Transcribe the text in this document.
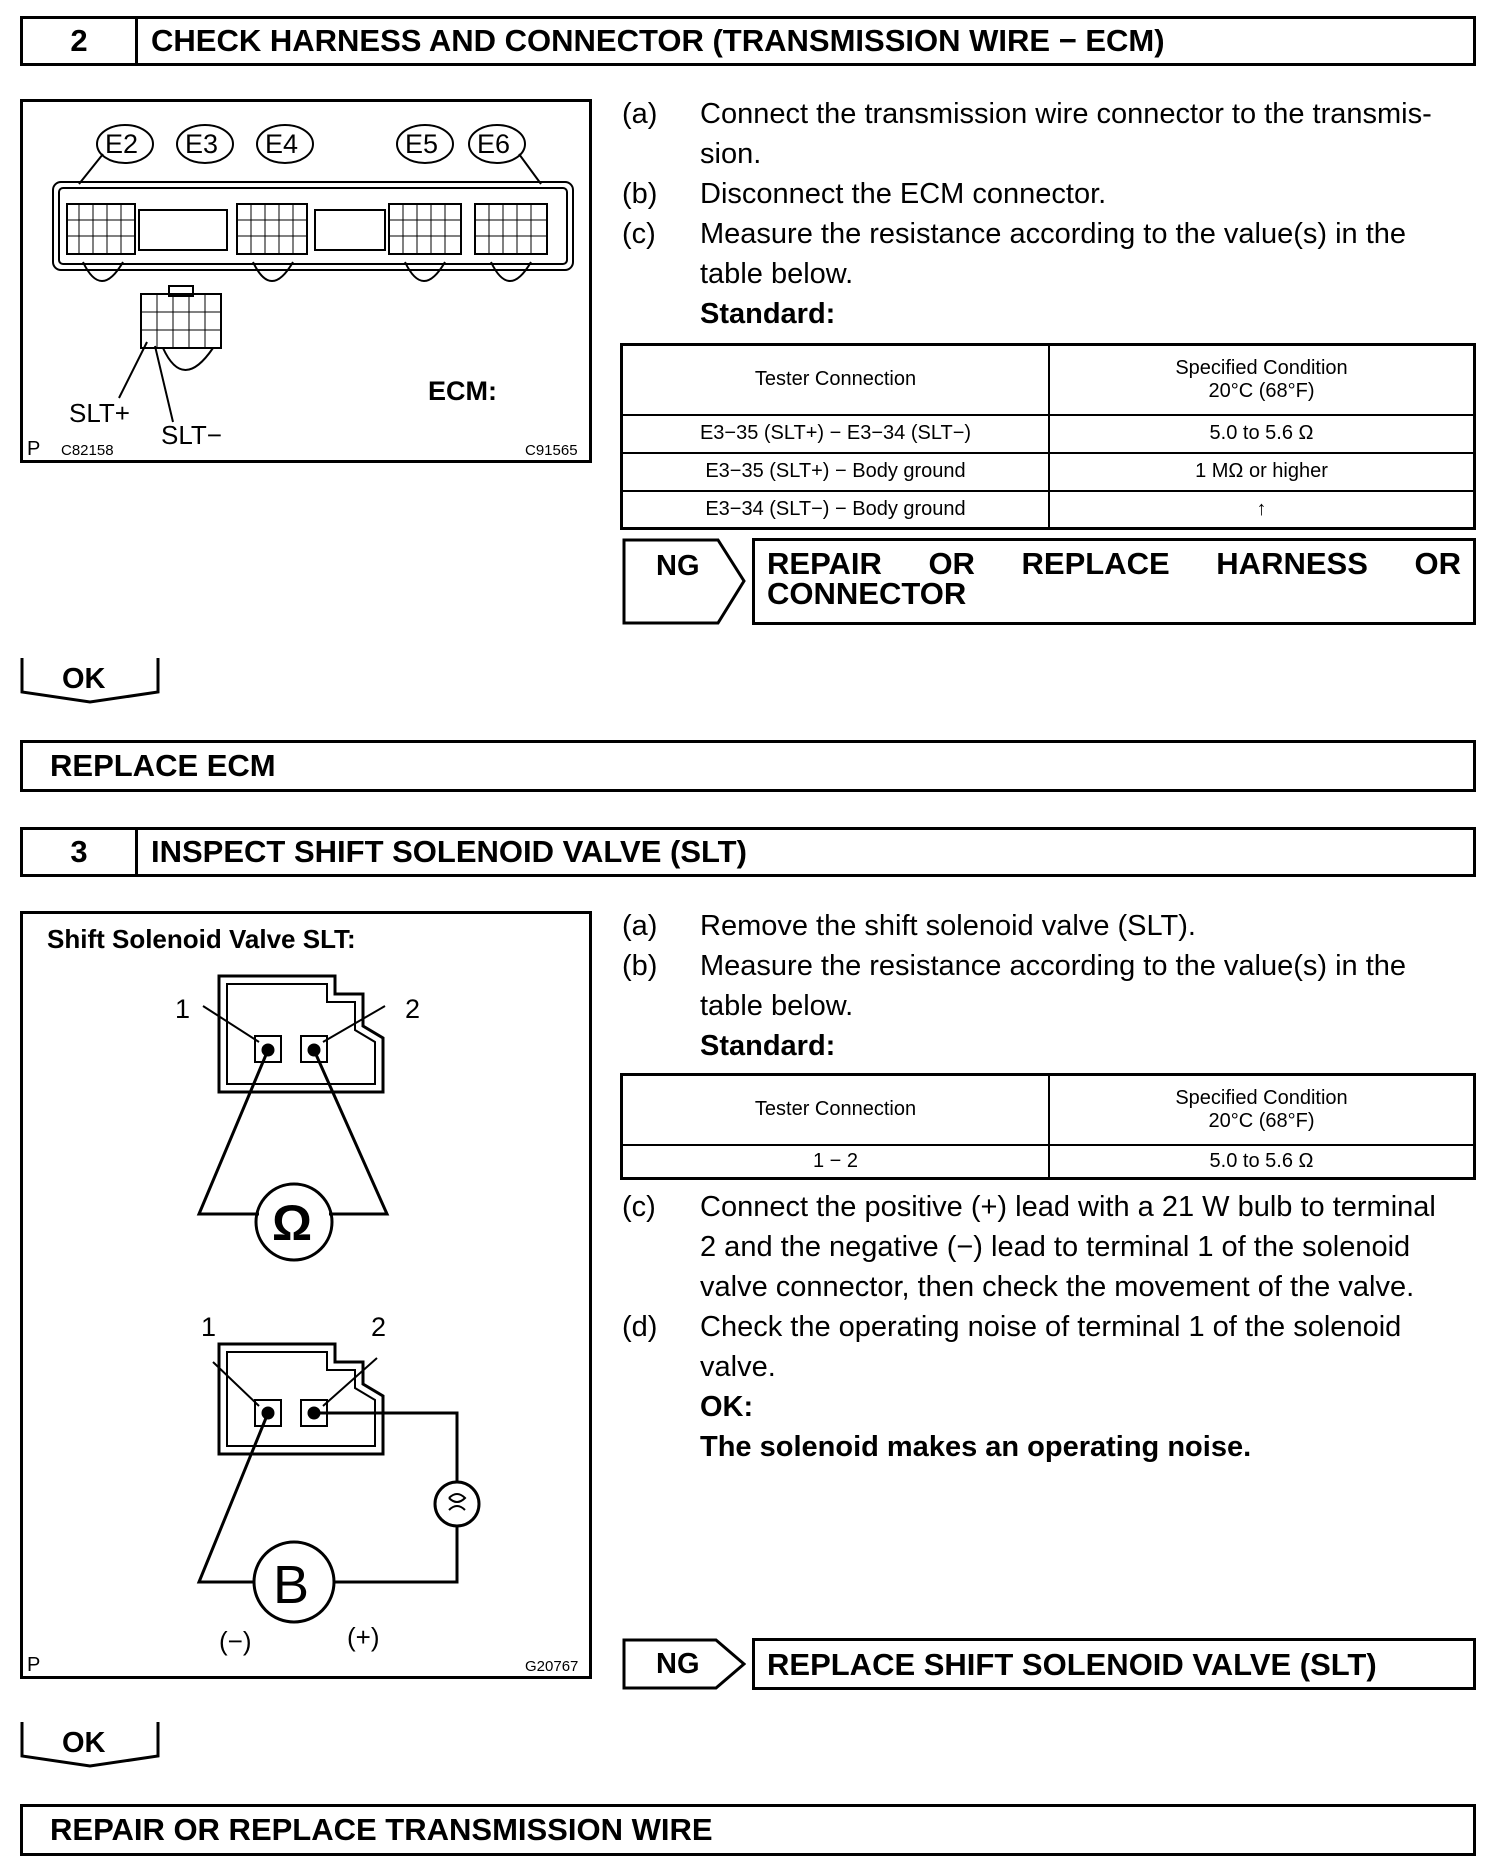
2	CHECK HARNESS AND CONNECTOR (TRANSMISSION WIRE − ECM)
E2 E3 E4	E5 E6
SLT+
SLT−
ECM:
P C82158	C91565
(a)	Connect the transmission wire connector to the transmis-
sion.
(b)	Disconnect the ECM connector.
(c)	Measure the resistance according to the value(s) in the
table below.
Standard:
Tester Connection	Specified Condition
20°C (68°F)

E3−35 (SLT+) − E3−34 (SLT−)	5.0 to 5.6 Ω
E3−35 (SLT+) − Body ground	1 MΩ or higher
E3−34 (SLT−) − Body ground	↑
NG REPAIR OR REPLACE HARNESS OR
CONNECTOR
OK
REPLACE ECM
3	INSPECT SHIFT SOLENOID VALVE (SLT)
Shift Solenoid Valve SLT:
1	2
Ω
1	2
B
(−)	(+)
P	G20767
(a)	Remove the shift solenoid valve (SLT).
(b)	Measure the resistance according to the value(s) in the
table below.
Standard:
Tester Connection	Specified Condition
20°C (68°F)

1 − 2	5.0 to 5.6 Ω
(c)	Connect the positive (+) lead with a 21 W bulb to terminal
2 and the negative (−) lead to terminal 1 of the solenoid
valve connector, then check the movement of the valve.
(d)	Check the operating noise of terminal 1 of the solenoid
valve.
OK:
The solenoid makes an operating noise.
NG	REPLACE SHIFT SOLENOID VALVE (SLT)
OK
REPAIR OR REPLACE TRANSMISSION WIRE
